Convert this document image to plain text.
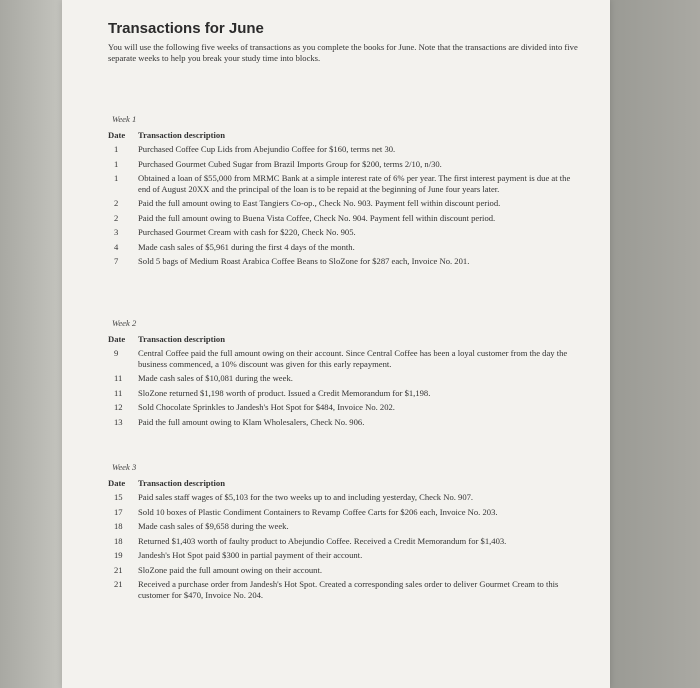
Transactions for June
You will use the following five weeks of transactions as you complete the books for June. Note that the transactions are divided into five separate weeks to help you break your study time into blocks.
Week 1
Date Transaction description
1	Purchased Coffee Cup Lids from Abejundio Coffee for $160, terms net 30.
1	Purchased Gourmet Cubed Sugar from Brazil Imports Group for $200, terms 2/10, n/30.
1	Obtained a loan of $55,000 from MRMC Bank at a simple interest rate of 6% per year. The first interest payment is due at the end of August 20XX and the principal of the loan is to be repaid at the beginning of June four years later.
2	Paid the full amount owing to East Tangiers Co-op., Check No. 903. Payment fell within discount period.
2	Paid the full amount owing to Buena Vista Coffee, Check No. 904. Payment fell within discount period.
3	Purchased Gourmet Cream with cash for $220, Check No. 905.
4	Made cash sales of $5,961 during the first 4 days of the month.
7	Sold 5 bags of Medium Roast Arabica Coffee Beans to SloZone for $287 each, Invoice No. 201.
Week 2
Date Transaction description
9	Central Coffee paid the full amount owing on their account. Since Central Coffee has been a loyal customer from the day the business commenced, a 10% discount was given for this early repayment.
11	Made cash sales of $10,081 during the week.
11	SloZone returned $1,198 worth of product. Issued a Credit Memorandum for $1,198.
12	Sold Chocolate Sprinkles to Jandesh's Hot Spot for $484, Invoice No. 202.
13	Paid the full amount owing to Klam Wholesalers, Check No. 906.
Week 3
Date Transaction description
15	Paid sales staff wages of $5,103 for the two weeks up to and including yesterday, Check No. 907.
17	Sold 10 boxes of Plastic Condiment Containers to Revamp Coffee Carts for $206 each, Invoice No. 203.
18	Made cash sales of $9,658 during the week.
18	Returned $1,403 worth of faulty product to Abejundio Coffee. Received a Credit Memorandum for $1,403.
19	Jandesh's Hot Spot paid $300 in partial payment of their account.
21	SloZone paid the full amount owing on their account.
21	Received a purchase order from Jandesh's Hot Spot. Created a corresponding sales order to deliver Gourmet Cream to this customer for $470, Invoice No. 204.
